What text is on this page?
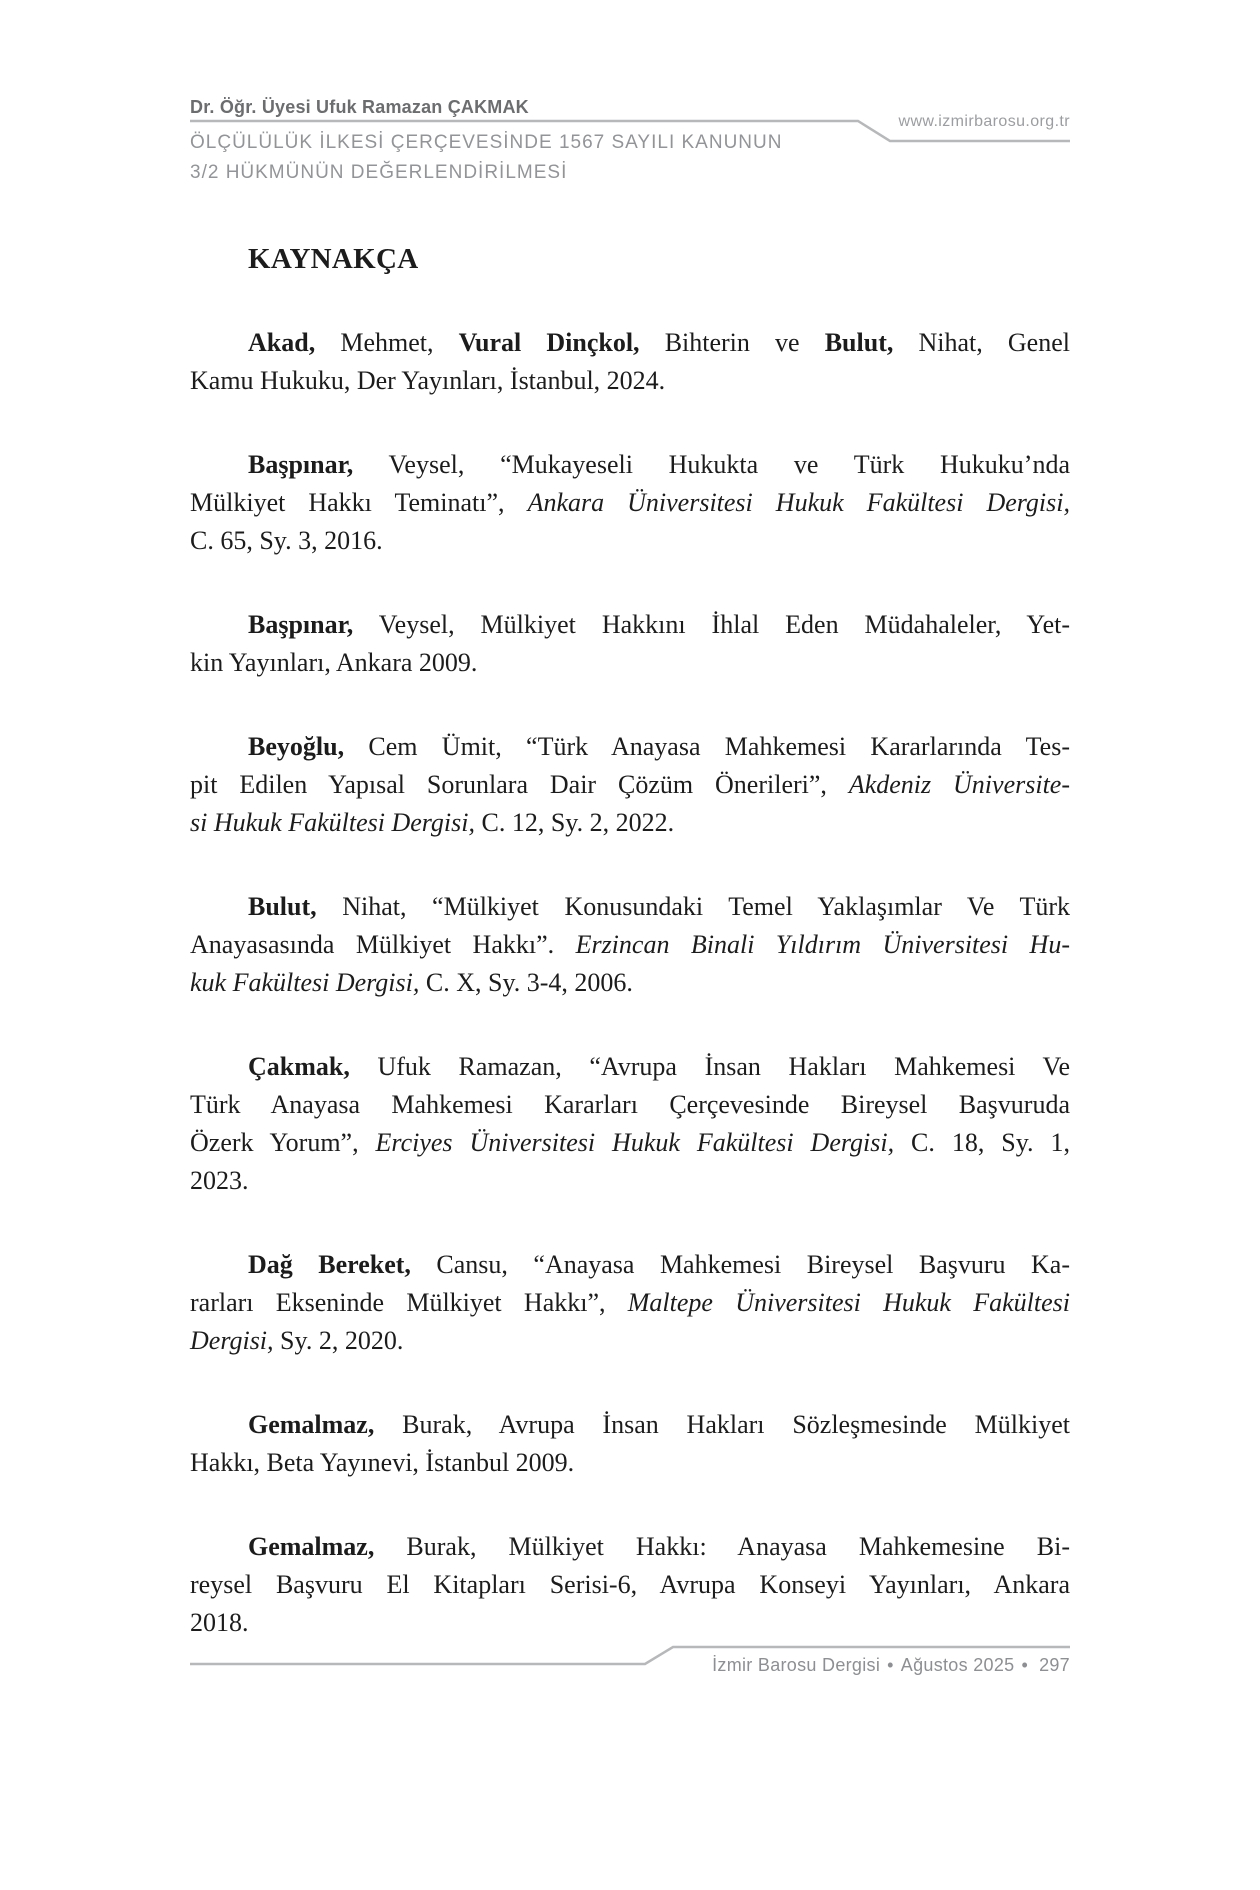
Dr. Öğr. Üyesi Ufuk Ramazan ÇAKMAK
www.izmirbarosu.org.tr
ÖLÇÜLÜLÜK İLKESİ ÇERÇEVESİNDE 1567 SAYILI KANUNUN
3/2 HÜKMÜNÜN DEĞERLENDİRİLMESİ
KAYNAKÇA

Akad, Mehmet, Vural Dinçkol, Bihterin ve Bulut, Nihat, Genel
Kamu Hukuku, Der Yayınları, İstanbul, 2024.

Başpınar, Veysel, “Mukayeseli Hukukta ve Türk Hukuku’nda
Mülkiyet Hakkı Teminatı”, Ankara Üniversitesi Hukuk Fakültesi Dergisi,
C. 65, Sy. 3, 2016.

Başpınar, Veysel, Mülkiyet Hakkını İhlal Eden Müdahaleler, Yet-
kin Yayınları, Ankara 2009.

Beyoğlu, Cem Ümit, “Türk Anayasa Mahkemesi Kararlarında Tes-
pit Edilen Yapısal Sorunlara Dair Çözüm Önerileri”, Akdeniz Üniversite-
si Hukuk Fakültesi Dergisi, C. 12, Sy. 2, 2022.

Bulut, Nihat, “Mülkiyet Konusundaki Temel Yaklaşımlar Ve Türk
Anayasasında Mülkiyet Hakkı”. Erzincan Binali Yıldırım Üniversitesi Hu-
kuk Fakültesi Dergisi, C. X, Sy. 3-4, 2006.

Çakmak, Ufuk Ramazan, “Avrupa İnsan Hakları Mahkemesi Ve
Türk Anayasa Mahkemesi Kararları Çerçevesinde Bireysel Başvuruda
Özerk Yorum”, Erciyes Üniversitesi Hukuk Fakültesi Dergisi, C. 18, Sy. 1,
2023.

Dağ Bereket, Cansu, “Anayasa Mahkemesi Bireysel Başvuru Ka-
rarları Ekseninde Mülkiyet Hakkı”, Maltepe Üniversitesi Hukuk Fakültesi
Dergisi, Sy. 2, 2020.

Gemalmaz, Burak, Avrupa İnsan Hakları Sözleşmesinde Mülkiyet
Hakkı, Beta Yayınevi, İstanbul 2009.

Gemalmaz, Burak, Mülkiyet Hakkı: Anayasa Mahkemesine Bi-
reysel Başvuru El Kitapları Serisi-6, Avrupa Konseyi Yayınları, Ankara
2018.

İzmir Barosu Dergisi • Ağustos 2025 • 297
